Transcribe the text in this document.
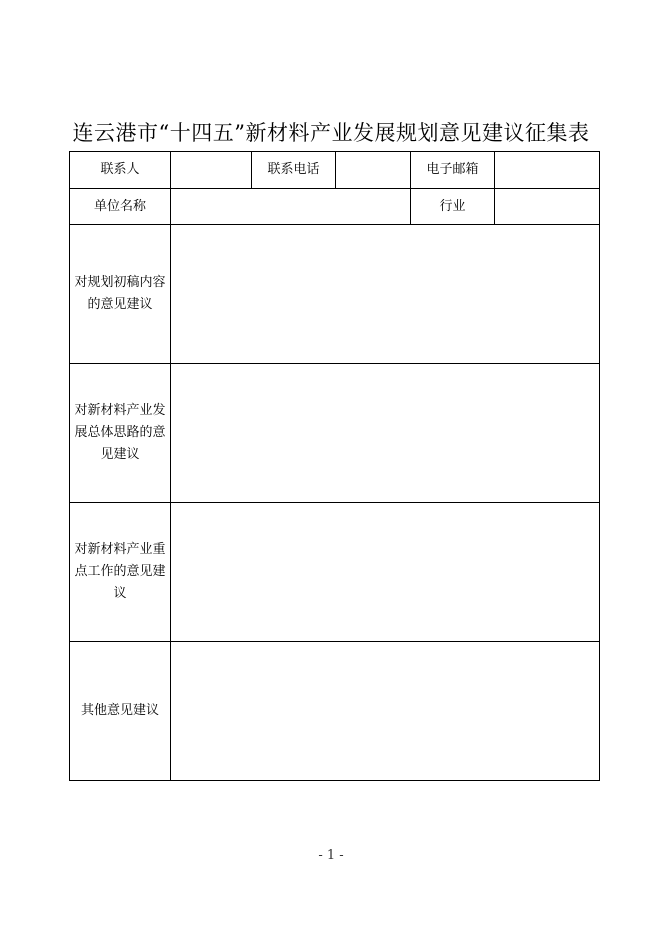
连云港市“十四五”新材料产业发展规划意见建议征集表
联系人		联系电话		电子邮箱	
单位名称				行业	
对规划初稿内容的意见建议					
对新材料产业发展总体思路的意见建议					
对新材料产业重点工作的意见建议					
其他意见建议					
- 1 -
